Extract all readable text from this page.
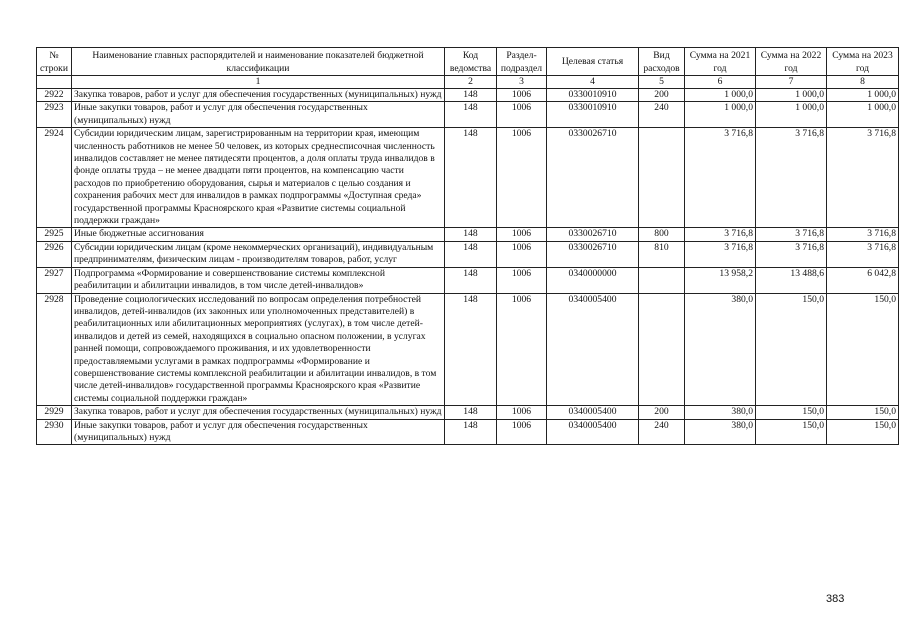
№ строки	Наименование главных распорядителей и наименование показателей бюджетной классификации	Код ведомства	Раздел-подраздел	Целевая статья	Вид расходов	Сумма на 2021 год	Сумма на 2022 год	Сумма на 2023 год
	1	2	3	4	5	6	7	8
2922	Закупка товаров, работ и услуг для обеспечения государственных (муниципальных) нужд	148	1006	0330010910	200	1 000,0	1 000,0	1 000,0
2923	Иные закупки товаров, работ и услуг для обеспечения государственных (муниципальных) нужд	148	1006	0330010910	240	1 000,0	1 000,0	1 000,0
2924	Субсидии юридическим лицам, зарегистрированным на территории края, имеющим численность работников не менее 50 человек, из которых среднесписочная численность инвалидов составляет не менее пятидесяти процентов, а доля оплаты труда инвалидов в фонде оплаты труда – не менее двадцати пяти процентов, на компенсацию части расходов по приобретению оборудования, сырья и материалов с целью создания и сохранения рабочих мест для инвалидов в рамках подпрограммы «Доступная среда» государственной программы Красноярского края «Развитие системы социальной поддержки граждан»	148	1006	0330026710		3 716,8	3 716,8	3 716,8
2925	Иные бюджетные ассигнования	148	1006	0330026710	800	3 716,8	3 716,8	3 716,8
2926	Субсидии юридическим лицам (кроме некоммерческих организаций), индивидуальным предпринимателям, физическим лицам - производителям товаров, работ, услуг	148	1006	0330026710	810	3 716,8	3 716,8	3 716,8
2927	Подпрограмма «Формирование и совершенствование системы комплексной реабилитации и абилитации инвалидов, в том числе детей-инвалидов»	148	1006	0340000000		13 958,2	13 488,6	6 042,8
2928	Проведение социологических исследований по вопросам определения потребностей инвалидов, детей-инвалидов (их законных или уполномоченных представителей) в реабилитационных или абилитационных мероприятиях (услугах), в том числе детей-инвалидов и детей из семей, находящихся в социально опасном положении, в услугах ранней помощи, сопровождаемого проживания, и их удовлетворенности предоставляемыми услугами в рамках подпрограммы «Формирование и совершенствование системы комплексной реабилитации и абилитации инвалидов, в том числе детей-инвалидов» государственной программы Красноярского края «Развитие системы социальной поддержки граждан»	148	1006	0340005400		380,0	150,0	150,0
2929	Закупка товаров, работ и услуг для обеспечения государственных (муниципальных) нужд	148	1006	0340005400	200	380,0	150,0	150,0
2930	Иные закупки товаров, работ и услуг для обеспечения государственных (муниципальных) нужд	148	1006	0340005400	240	380,0	150,0	150,0
383
